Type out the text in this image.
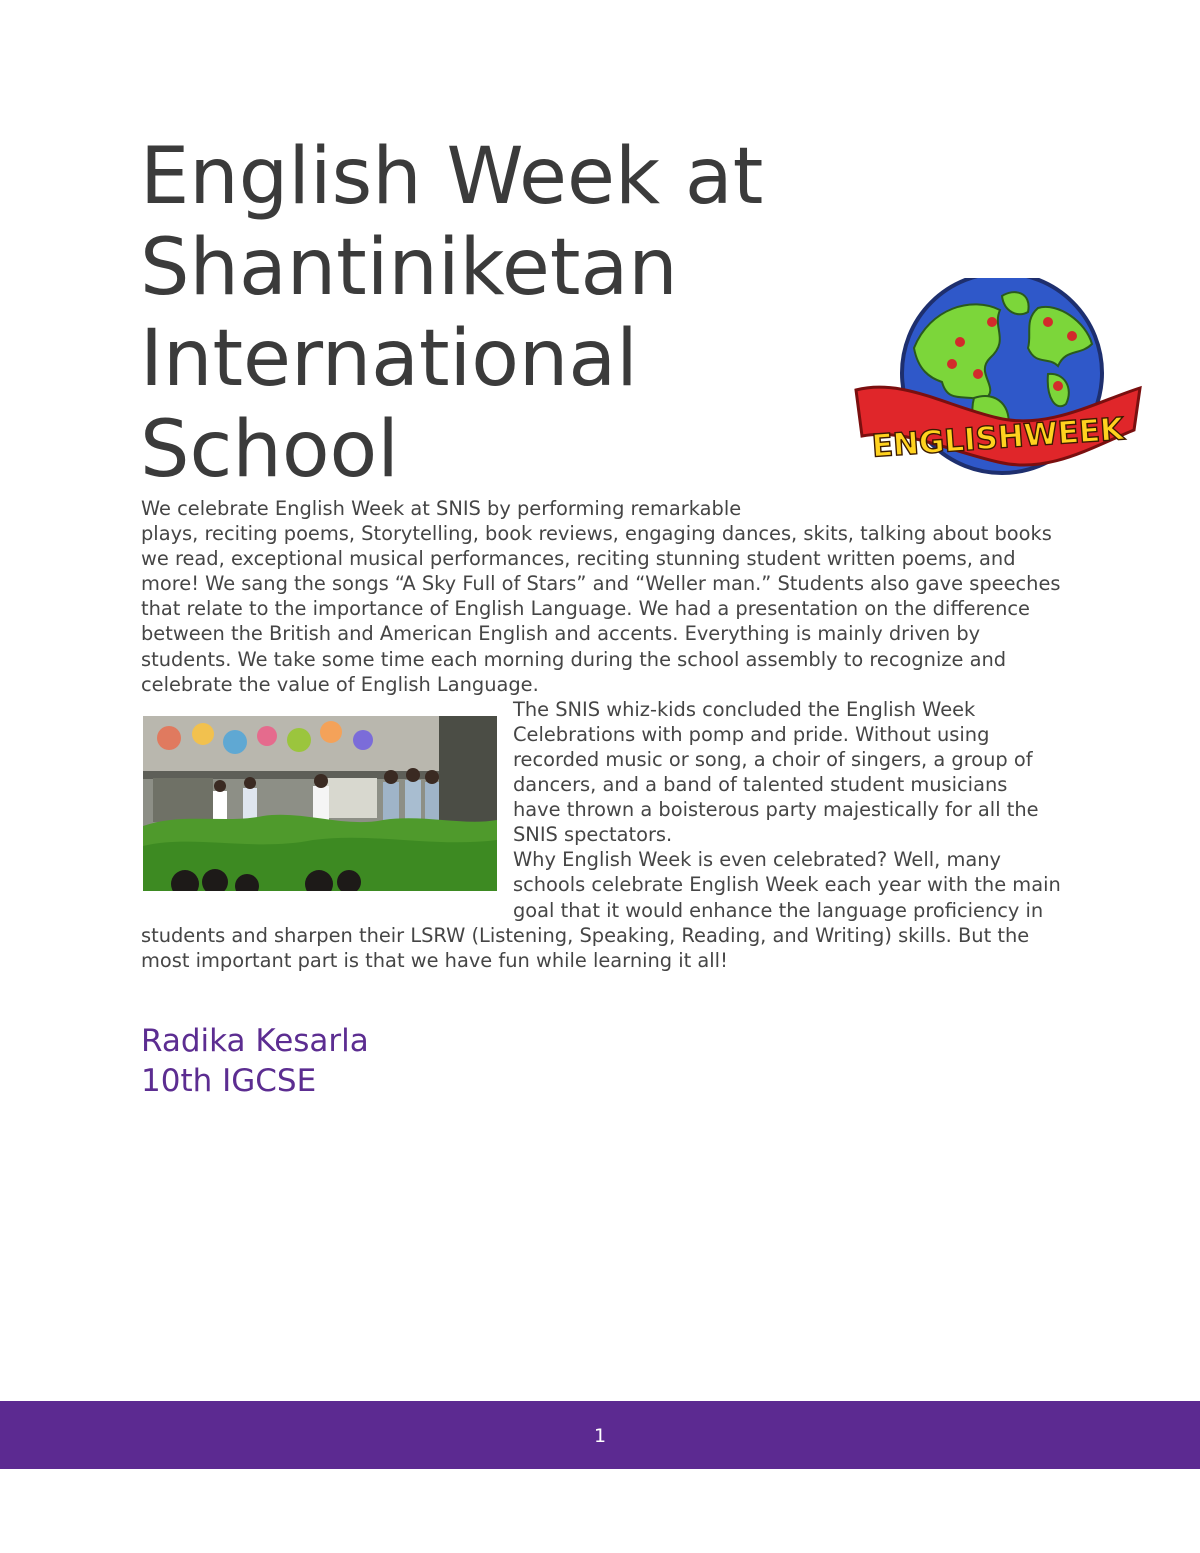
English Week at Shantiniketan International School	ENGLISHWEEK

We celebrate English Week at SNIS by performing remarkable

plays, reciting poems, Storytelling, book reviews, engaging dances, skits, talking about books we read, exceptional musical performances, reciting stunning student written poems, and more! We sang the songs “A Sky Full of Stars” and “Weller man.” Students also gave speeches that relate to the importance of English Language. We had a presentation on the difference between the British and American English and accents. Everything is mainly driven by students. We take some time each morning during the school assembly to recognize and celebrate the value of English Language.

The SNIS whiz-kids concluded the English Week Celebrations with pomp and pride. Without using recorded music or song, a choir of singers, a group of dancers, and a band of talented student musicians have thrown a boisterous party majestically for all the SNIS spectators.

Why English Week is even celebrated? Well, many schools celebrate English Week each year with the main goal that it would enhance the language proficiency in students and sharpen their LSRW (Listening, Speaking, Reading, and Writing) skills. But the most important part is that we have fun while learning it all!

Radika Kesarla
10th IGCSE
1
